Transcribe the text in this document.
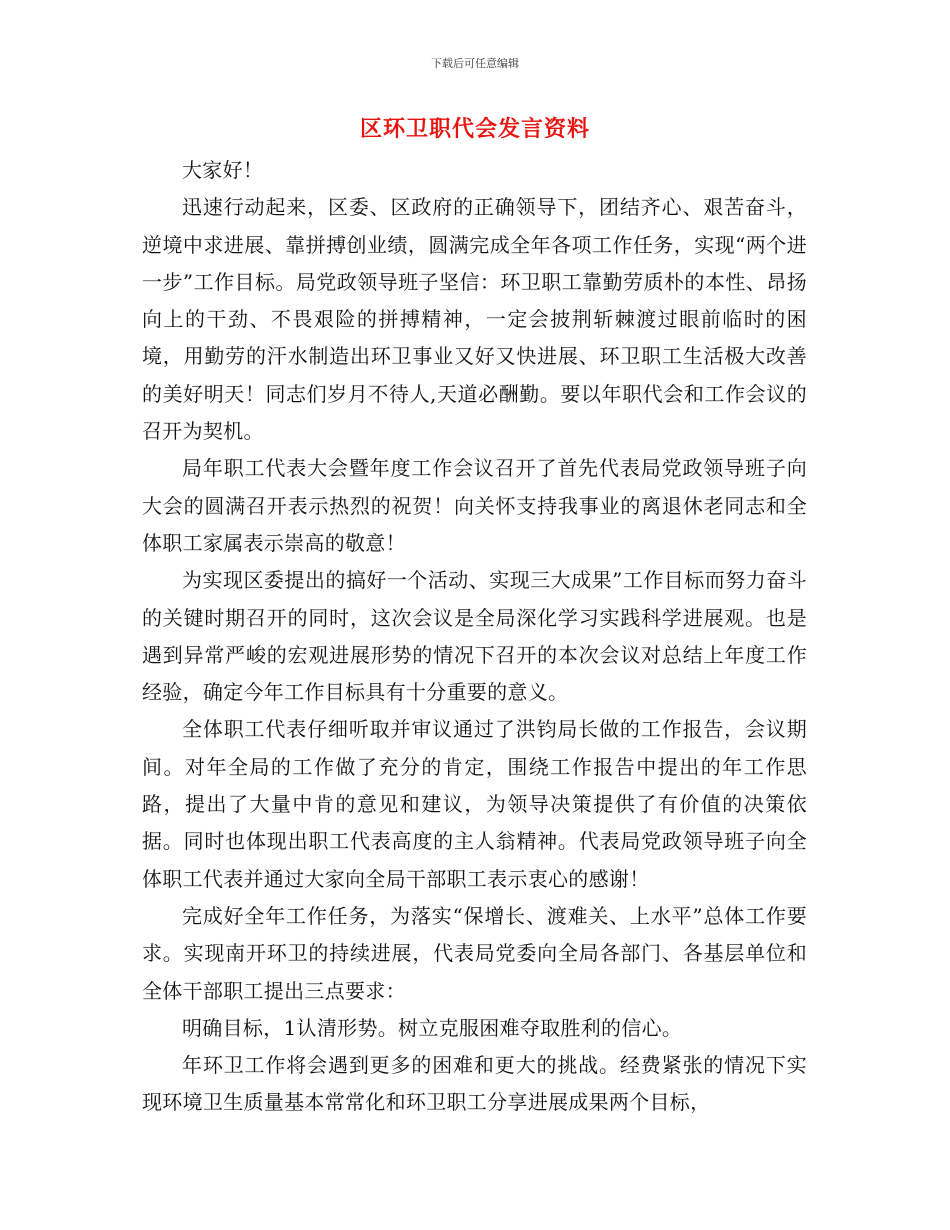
下载后可任意编辑
区环卫职代会发言资料

大家好！

迅速行动起来，区委、区政府的正确领导下，团结齐心、艰苦奋斗，逆境中求进展、靠拼搏创业绩，圆满完成全年各项工作任务，实现“两个进一步”工作目标。局党政领导班子坚信：环卫职工靠勤劳质朴的本性、昂扬向上的干劲、不畏艰险的拼搏精神，一定会披荆斩棘渡过眼前临时的困境，用勤劳的汗水制造出环卫事业又好又快进展、环卫职工生活极大改善的美好明天！同志们岁月不待人,天道必酬勤。要以年职代会和工作会议的召开为契机。

局年职工代表大会暨年度工作会议召开了首先代表局党政领导班子向大会的圆满召开表示热烈的祝贺！向关怀支持我事业的离退休老同志和全体职工家属表示崇高的敬意！

为实现区委提出的搞好一个活动、实现三大成果”工作目标而努力奋斗的关键时期召开的同时，这次会议是全局深化学习实践科学进展观。也是遇到异常严峻的宏观进展形势的情况下召开的本次会议对总结上年度工作经验，确定今年工作目标具有十分重要的意义。

全体职工代表仔细听取并审议通过了洪钧局长做的工作报告，会议期间。对年全局的工作做了充分的肯定，围绕工作报告中提出的年工作思路，提出了大量中肯的意见和建议，为领导决策提供了有价值的决策依据。同时也体现出职工代表高度的主人翁精神。代表局党政领导班子向全体职工代表并通过大家向全局干部职工表示衷心的感谢！

完成好全年工作任务，为落实“保增长、渡难关、上水平”总体工作要求。实现南开环卫的持续进展，代表局党委向全局各部门、各基层单位和全体干部职工提出三点要求：

明确目标，1认清形势。树立克服困难夺取胜利的信心。

年环卫工作将会遇到更多的困难和更大的挑战。经费紧张的情况下实现环境卫生质量基本常常化和环卫职工分享进展成果两个目标，
